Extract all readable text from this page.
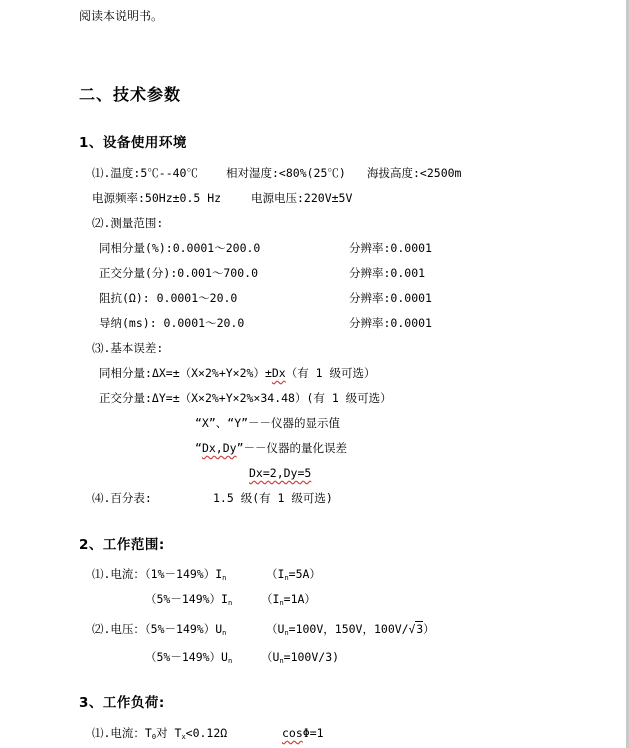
阅读本说明书。
二、技术参数
1、设备使用环境
⑴.温度:5℃--40℃ 相对湿度:<80%(25℃) 海拔高度:<2500m
电源频率:50Hz±0.5 Hz	电源电压:220V±5V
⑵.测量范围:
同相分量(%):0.0001～200.0	分辨率:0.0001
正交分量(分):0.001～700.0	分辨率:0.001
阻抗(Ω): 0.0001～20.0	分辨率:0.0001
导纳(ms): 0.0001～20.0	分辨率:0.0001
⑶.基本误差:
同相分量:ΔX=±（X×2%+Y×2%）±Dx（有 1 级可选）
正交分量:ΔY=±（X×2%+Y×2%×34.48）(有 1 级可选）
“X”、“Y”－－仪器的显示值
“Dx,Dy”－－仪器的量化误差
Dx=2,Dy=5
⑷.百分表:	1.5 级(有 1 级可选)
2、工作范围:
⑴.电流：$(1\%-149\%)I_n$	$(I_n=5A)$
$(5\%-149\%)I_n$	$(I_n=1A)$
⑵.电压：$(5\%-149\%)U_n$	（$U_n=100V$，150V，100V/√3）
$(5\%-149\%)U_n$	$(U_n=100V/3)$
3、工作负荷:
⑴.电流：$T_0$对 $T_x<0.12\Omega$	cosΦ=1
